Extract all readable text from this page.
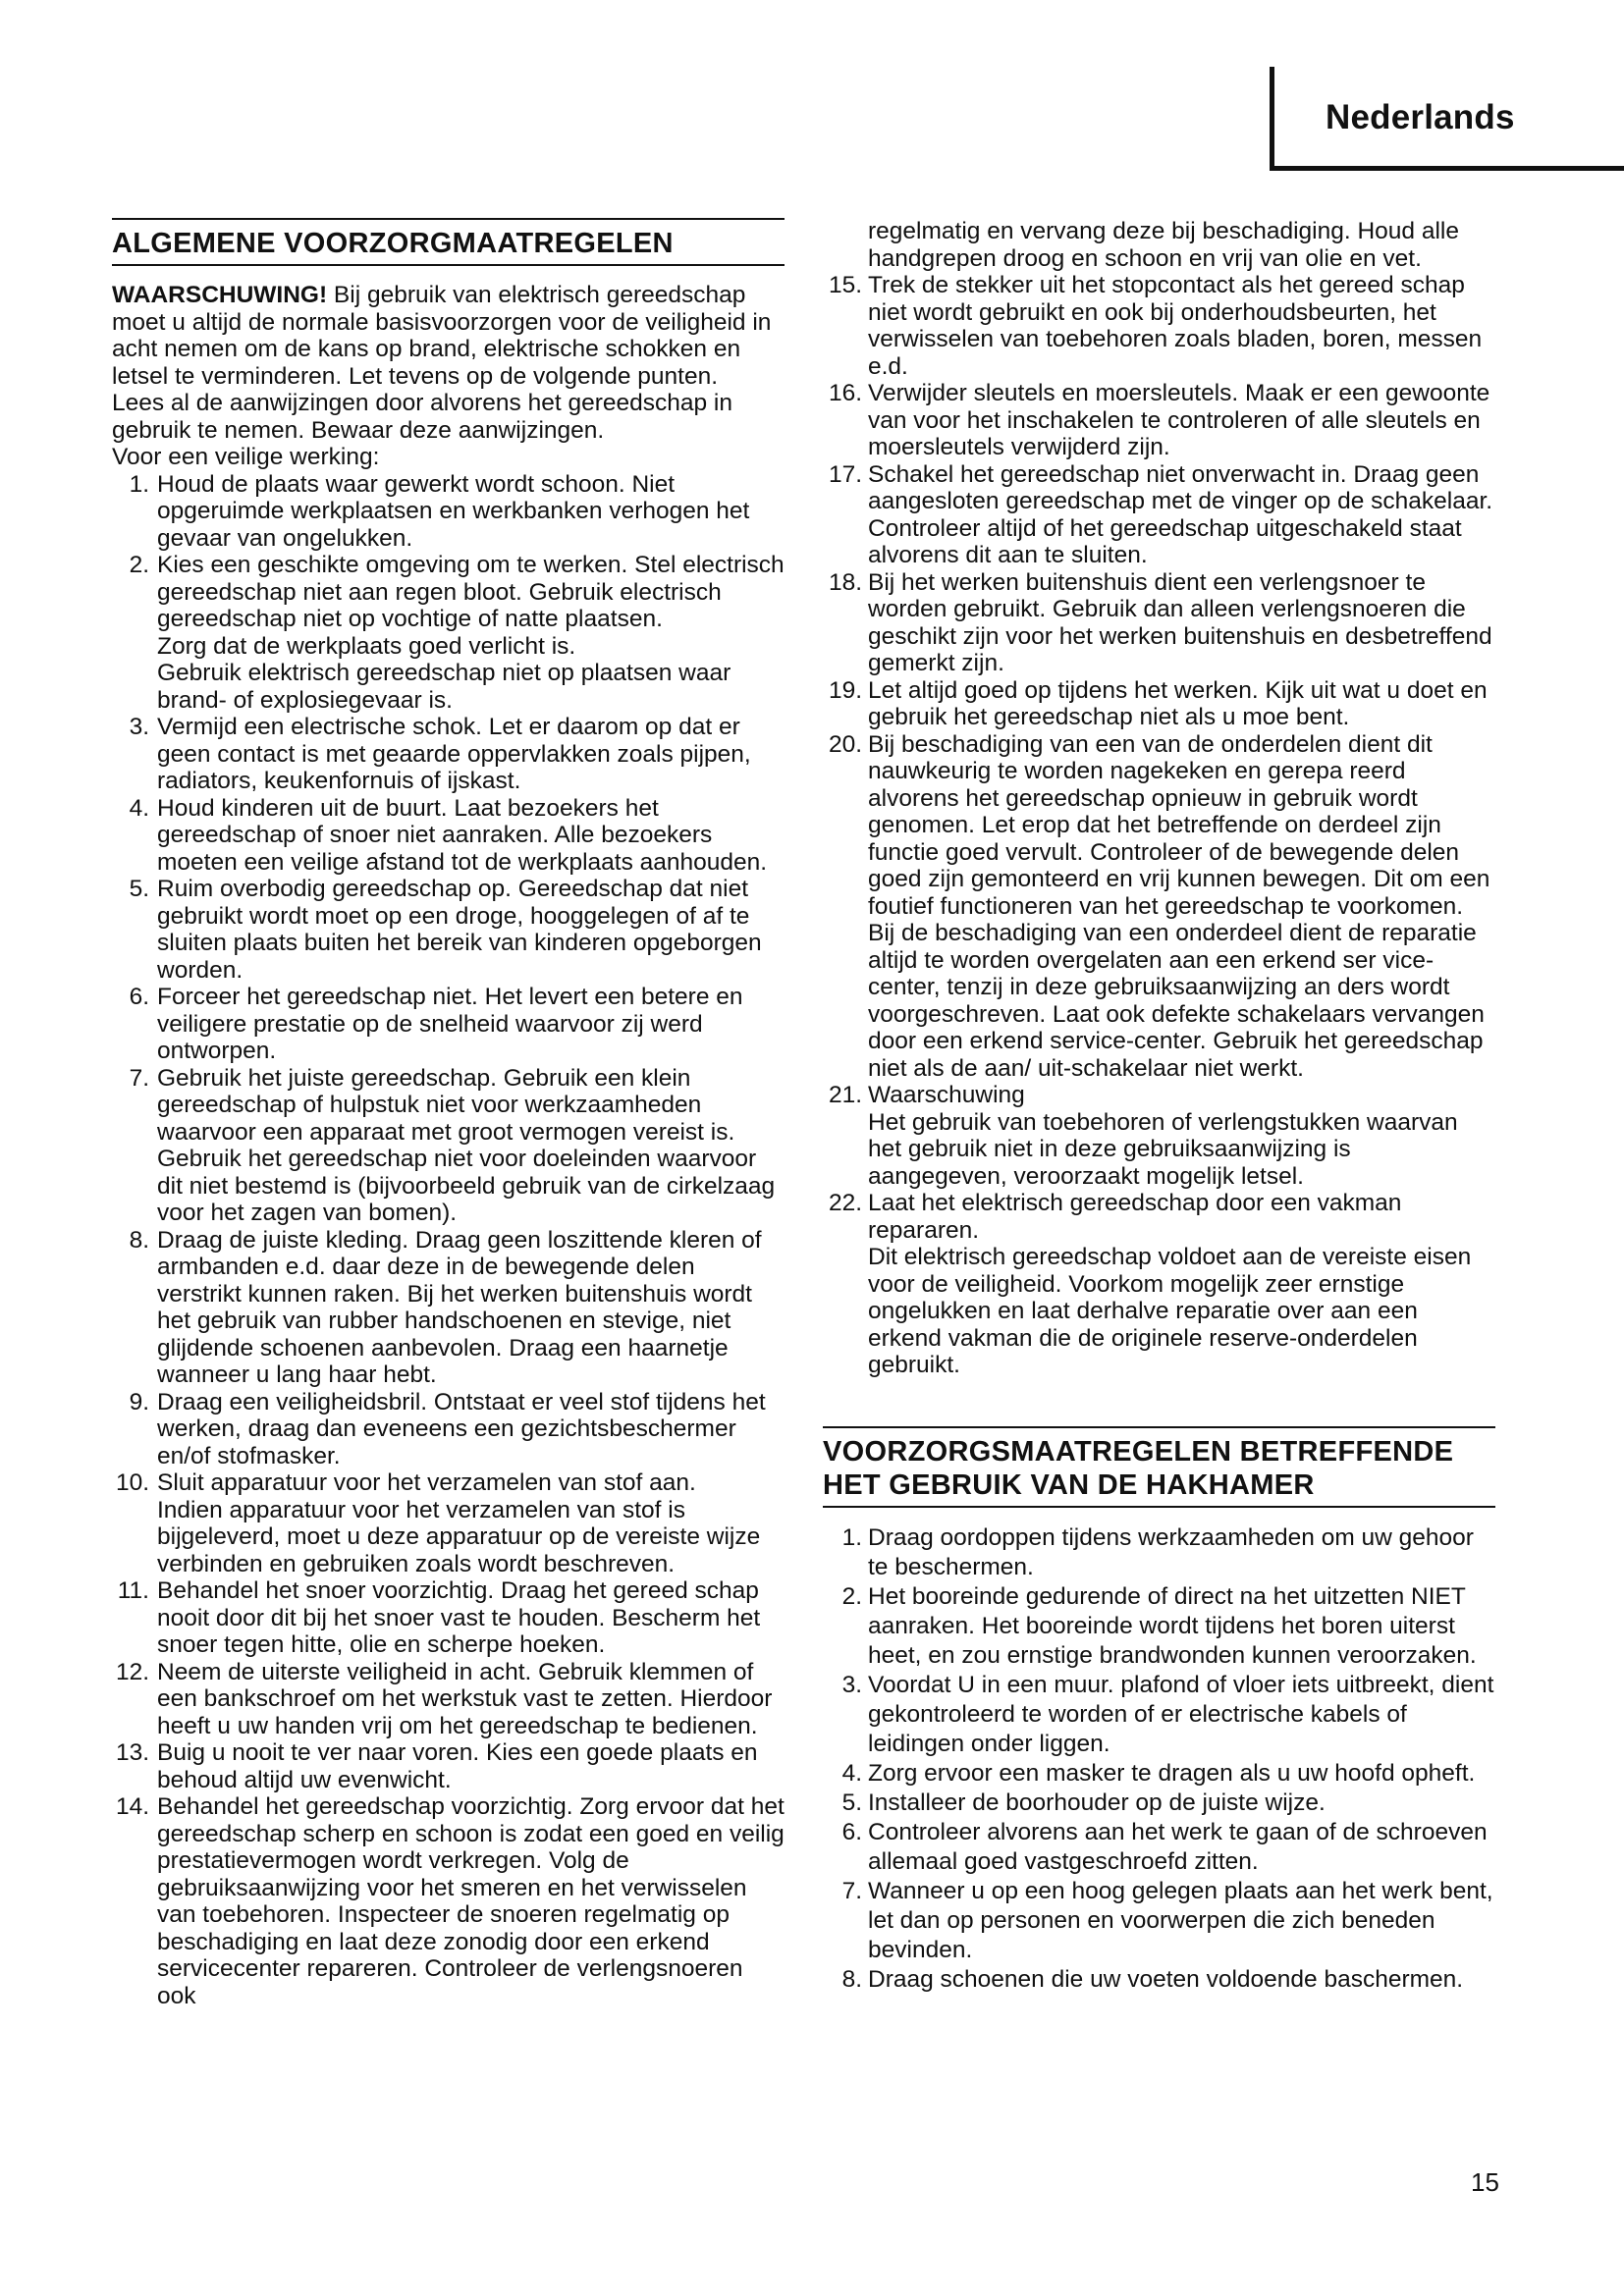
Nederlands
ALGEMENE VOORZORGMAATREGELEN

WAARSCHUWING! Bij gebruik van elektrisch gereedschap moet u altijd de normale basisvoorzorgen voor de veiligheid in acht nemen om de kans op brand, elektrische schokken en letsel te verminderen. Let tevens op de volgende punten.

Lees al de aanwijzingen door alvorens het gereedschap in gebruik te nemen. Bewaar deze aanwijzingen.

Voor een veilige werking:

1. Houd de plaats waar gewerkt wordt schoon. Niet opgeruimde werkplaatsen en werkbanken verhogen het gevaar van ongelukken.
2. Kies een geschikte omgeving om te werken. Stel electrisch gereedschap niet aan regen bloot. Gebruik electrisch gereedschap niet op vochtige of natte plaatsen.
Zorg dat de werkplaats goed verlicht is.
Gebruik elektrisch gereedschap niet op plaatsen waar brand- of explosiegevaar is.
3. Vermijd een electrische schok. Let er daarom op dat er geen contact is met geaarde oppervlakken zoals pijpen, radiators, keukenfornuis of ijskast.
4. Houd kinderen uit de buurt. Laat bezoekers het gereedschap of snoer niet aanraken. Alle bezoekers moeten een veilige afstand tot de werkplaats aanhouden.
5. Ruim overbodig gereedschap op. Gereedschap dat niet gebruikt wordt moet op een droge, hooggelegen of af te sluiten plaats buiten het bereik van kinderen opgeborgen worden.
6. Forceer het gereedschap niet. Het levert een betere en veiligere prestatie op de snelheid waarvoor zij werd ontworpen.
7. Gebruik het juiste gereedschap. Gebruik een klein gereedschap of hulpstuk niet voor werkzaamheden waarvoor een apparaat met groot vermogen vereist is. Gebruik het gereedschap niet voor doeleinden waarvoor dit niet bestemd is (bijvoorbeeld gebruik van de cirkelzaag voor het zagen van bomen).
8. Draag de juiste kleding. Draag geen loszittende kleren of armbanden e.d. daar deze in de bewegende delen verstrikt kunnen raken. Bij het werken buitenshuis wordt het gebruik van rubber handschoenen en stevige, niet glijdende schoenen aanbevolen. Draag een haarnetje wanneer u lang haar hebt.
9. Draag een veiligheidsbril. Ontstaat er veel stof tijdens het werken, draag dan eveneens een gezichtsbeschermer en/of stofmasker.
10. Sluit apparatuur voor het verzamelen van stof aan.
Indien apparatuur voor het verzamelen van stof is bijgeleverd, moet u deze apparatuur op de vereiste wijze verbinden en gebruiken zoals wordt beschreven.
11. Behandel het snoer voorzichtig. Draag het gereed schap nooit door dit bij het snoer vast te houden. Bescherm het snoer tegen hitte, olie en scherpe hoeken.
12. Neem de uiterste veiligheid in acht. Gebruik klemmen of een bankschroef om het werkstuk vast te zetten. Hierdoor heeft u uw handen vrij om het gereedschap te bedienen.
13. Buig u nooit te ver naar voren. Kies een goede plaats en behoud altijd uw evenwicht.
14. Behandel het gereedschap voorzichtig. Zorg ervoor dat het gereedschap scherp en schoon is zodat een goed en veilig prestatievermogen wordt verkregen. Volg de gebruiksaanwijzing voor het smeren en het verwisselen van toebehoren. Inspecteer de snoeren regelmatig op beschadiging en laat deze zonodig door een erkend servicecenter repareren. Controleer de verlengsnoeren ook

regelmatig en vervang deze bij beschadiging. Houd alle handgrepen droog en schoon en vrij van olie en vet.

15. Trek de stekker uit het stopcontact als het gereed schap niet wordt gebruikt en ook bij onderhoudsbeurten, het verwisselen van toebehoren zoals bladen, boren, messen e.d.
16. Verwijder sleutels en moersleutels. Maak er een gewoonte van voor het inschakelen te controleren of alle sleutels en moersleutels verwijderd zijn.
17. Schakel het gereedschap niet onverwacht in. Draag geen aangesloten gereedschap met de vinger op de schakelaar. Controleer altijd of het gereedschap uitgeschakeld staat alvorens dit aan te sluiten.
18. Bij het werken buitenshuis dient een verlengsnoer te worden gebruikt. Gebruik dan alleen verlengsnoeren die geschikt zijn voor het werken buitenshuis en desbetreffend gemerkt zijn.
19. Let altijd goed op tijdens het werken. Kijk uit wat u doet en gebruik het gereedschap niet als u moe bent.
20. Bij beschadiging van een van de onderdelen dient dit nauwkeurig te worden nagekeken en gerepa reerd alvorens het gereedschap opnieuw in gebruik wordt genomen. Let erop dat het betreffende on derdeel zijn functie goed vervult. Controleer of de bewegende delen goed zijn gemonteerd en vrij kunnen bewegen. Dit om een foutief functioneren van het gereedschap te voorkomen. Bij de beschadiging van een onderdeel dient de reparatie altijd te worden overgelaten aan een erkend ser vice-center, tenzij in deze gebruiksaanwijzing an ders wordt voorgeschreven. Laat ook defekte schakelaars vervangen door een erkend service-center. Gebruik het gereedschap niet als de aan/ uit-schakelaar niet werkt.
21. Waarschuwing
Het gebruik van toebehoren of verlengstukken waarvan het gebruik niet in deze gebruiksaanwijzing is aangegeven, veroorzaakt mogelijk letsel.
22. Laat het elektrisch gereedschap door een vakman repararen.
Dit elektrisch gereedschap voldoet aan de vereiste eisen voor de veiligheid. Voorkom mogelijk zeer ernstige ongelukken en laat derhalve reparatie over aan een erkend vakman die de originele reserve-onderdelen gebruikt.
VOORZORGSMAATREGELEN BETREFFENDE
HET GEBRUIK VAN DE HAKHAMER
1. Draag oordoppen tijdens werkzaamheden om uw gehoor te beschermen.
2. Het booreinde gedurende of direct na het uitzetten NIET aanraken. Het booreinde wordt tijdens het boren uiterst heet, en zou ernstige brandwonden kunnen veroorzaken.
3. Voordat U in een muur. plafond of vloer iets uitbreekt, dient gekontroleerd te worden of er electrische kabels of leidingen onder liggen.
4. Zorg ervoor een masker te dragen als u uw hoofd opheft.
5. Installeer de boorhouder op de juiste wijze.
6. Controleer alvorens aan het werk te gaan of de schroeven allemaal goed vastgeschroefd zitten.
7. Wanneer u op een hoog gelegen plaats aan het werk bent, let dan op personen en voorwerpen die zich beneden bevinden.
8. Draag schoenen die uw voeten voldoende baschermen.
15
